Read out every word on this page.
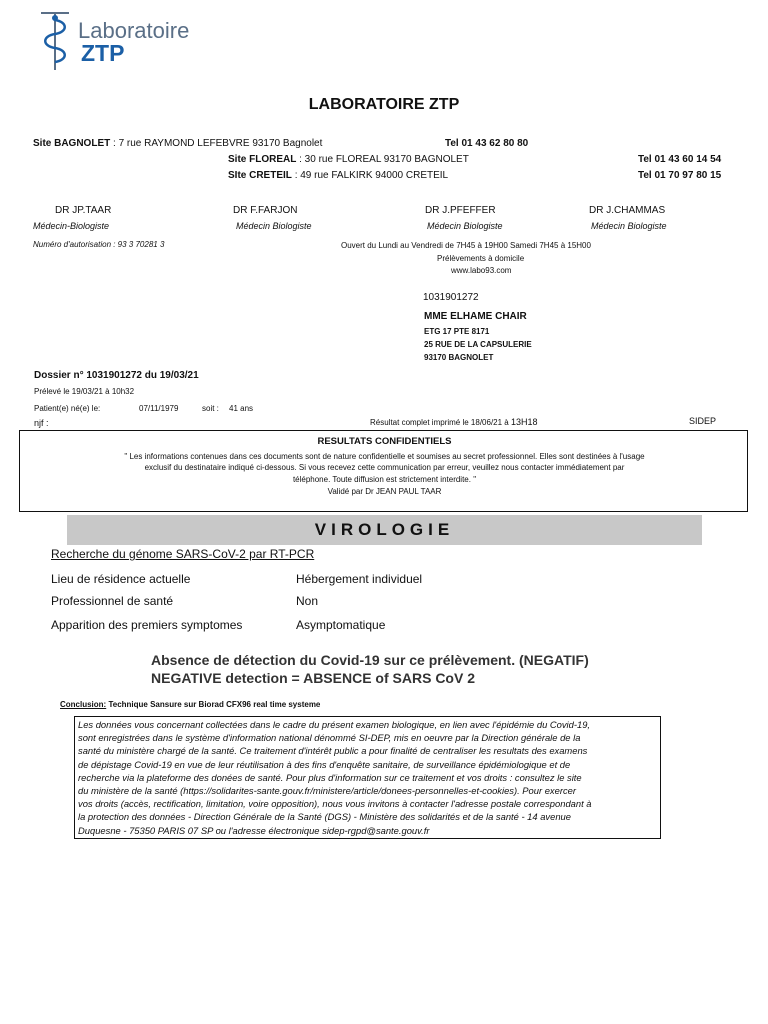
Laboratoire
ZTP
LABORATOIRE ZTP
Site BAGNOLET : 7 rue RAYMOND LEFEBVRE 93170 Bagnolet	Tel 01 43 62 80 80
Site FLOREAL : 30 rue FLOREAL 93170 BAGNOLET	Tel 01 43 60 14 54
SIte CRETEIL : 49 rue FALKIRK 94000 CRETEIL	Tel 01 70 97 80 15
DR JP.TAAR
Médecin-Biologiste
DR F.FARJON
Médecin Biologiste
DR J.PFEFFER
Médecin Biologiste
DR J.CHAMMAS
Médecin Biologiste
Numéro d'autorisation : 93 3 70281 3	Ouvert du Lundi au Vendredi de 7H45 à 19H00 Samedi 7H45 à 15H00
Prélèvements à domicile
www.labo93.com
1031901272
MME ELHAME CHAIR
ETG 17 PTE 8171
25 RUE DE LA CAPSULERIE
93170 BAGNOLET
Dossier n° 1031901272 du 19/03/21
Prélevé le 19/03/21 à 10h32
Patient(e) né(e) le:	07/11/1979	soit : 41 ans
njf :	Résultat complet imprimé le 18/06/21 à 13H18	SIDEP
RESULTATS CONFIDENTIELS
" Les informations contenues dans ces documents sont de nature confidentielle et soumises au secret professionnel. Elles sont destinées à l'usage
exclusif du destinataire indiqué ci-dessous. Si vous recevez cette communication par erreur, veuillez nous contacter immédiatement par
téléphone. Toute diffusion est strictement interdite. "
Validé par Dr JEAN PAUL TAAR
VIROLOGIE
Recherche du génome SARS-CoV-2 par RT-PCR
Lieu de résidence actuelle	Hébergement individuel
Professionnel de santé	Non
Apparition des premiers symptomes	Asymptomatique
Absence de détection du Covid-19 sur ce prélèvement. (NEGATIF)
NEGATIVE detection = ABSENCE of SARS CoV 2
Conclusion: Technique Sansure sur Biorad CFX96 real time systeme
Les données vous concernant collectées dans le cadre du présent examen biologique, en lien avec l'épidémie du Covid-19,
sont enregistrées dans le système d'information national dénommé SI-DEP, mis en oeuvre par la Direction générale de la
santé du ministère chargé de la santé. Ce traitement d'intérêt public a pour finalité de centraliser les resultats des examens
de dépistage Covid-19 en vue de leur réutilisation à des fins d'enquête sanitaire, de surveillance épidémiologique et de
recherche via la plateforme des donées de santé. Pour plus d'information sur ce traitement et vos droits : consultez le site
du ministère de la santé (https://solidarites-sante.gouv.fr/ministere/article/donees-personnelles-et-cookies). Pour exercer
vos droits (accès, rectification, limitation, voire opposition), nous vous invitons à contacter l'adresse postale correspondant à
la protection des données - Direction Générale de la Santé (DGS) - Ministère des solidarités et de la santé - 14 avenue
Duquesne - 75350 PARIS 07 SP ou l'adresse électronique sidep-rgpd@sante.gouv.fr
